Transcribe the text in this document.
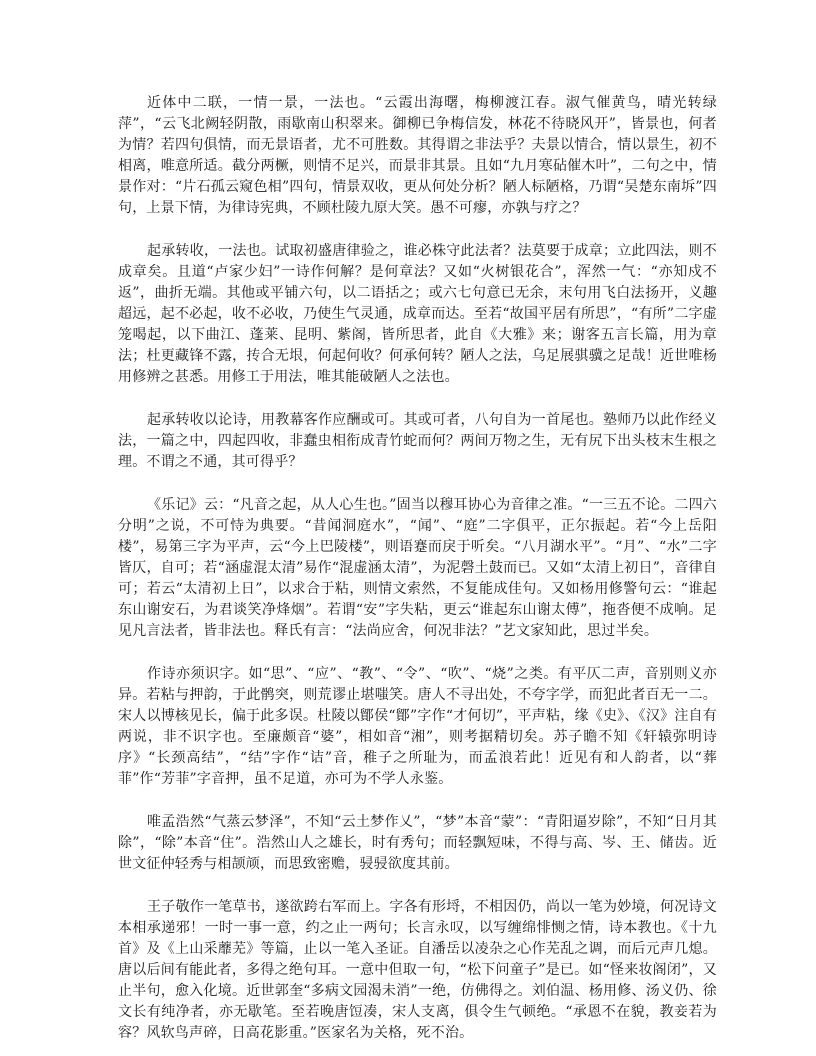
近体中二联，一情一景，一法也。“云霞出海曙，梅柳渡江春。淑气催黄鸟，晴光转绿萍”，“云飞北阙轻阴散，雨歇南山积翠来。御柳已争梅信发，林花不待晓风开”，皆景也，何者为情？若四句俱情，而无景语者，尤不可胜数。其得谓之非法乎？夫景以情合，情以景生，初不相离，唯意所适。截分两橛，则情不足兴，而景非其景。且如“九月寒砧催木叶”，二句之中，情景作对：“片石孤云窥色相”四句，情景双收，更从何处分析？陋人标陋格，乃谓“吴楚东南坼”四句，上景下情，为律诗宪典，不顾杜陵九原大笑。愚不可瘳，亦孰与疗之？

起承转收，一法也。试取初盛唐律验之，谁必株守此法者？法莫要于成章；立此四法，则不成章矣。且道“卢家少妇”一诗作何解？是何章法？又如“火树银花合”，浑然一气：“亦知戍不返”，曲折无端。其他或平铺六句，以二语括之；或六七句意已无余，末句用飞白法扬开，义趣超远，起不必起，收不必收，乃使生气灵通，成章而达。至若“故国平居有所思”，“有所”二字虚笼喝起，以下曲江、蓬莱、昆明、紫阁，皆所思者，此自《大雅》来；谢客五言长篇，用为章法；杜更藏锋不露，抟合无垠，何起何收？何承何转？陋人之法，乌足展骐骥之足哉！近世唯杨用修辨之甚悉。用修工于用法，唯其能破陋人之法也。

起承转收以论诗，用教幕客作应酬或可。其或可者，八句自为一首尾也。塾师乃以此作经义法，一篇之中，四起四收，非蠢虫相衔成青竹蛇而何？两间万物之生，无有尻下出头枝末生根之理。不谓之不通，其可得乎？

《乐记》云：“凡音之起，从人心生也。”固当以穆耳协心为音律之准。“一三五不论。二四六分明”之说，不可恃为典要。“昔闻洞庭水”，“闻”、“庭”二字俱平，正尔振起。若“今上岳阳楼”，易第三字为平声，云“今上巴陵楼”，则语蹇而戾于听矣。“八月湖水平”。“月”、“水”二字皆仄，自可；若“涵虚混太清”易作“混虚涵太清”，为泥磬土鼓而已。又如“太清上初日”，音律自可；若云“太清初上日”，以求合于粘，则情文索然，不复能成佳句。又如杨用修警句云：“谁起东山谢安石，为君谈笑净烽烟”。若谓“安”字失粘，更云“谁起东山谢太傅”，拖沓便不成响。足见凡言法者，皆非法也。释氏有言：“法尚应舍，何况非法？”艺文家知此，思过半矣。

作诗亦须识字。如“思”、“应”、“教”、“令”、“吹”、“烧”之类。有平仄二声，音别则义亦异。若粘与押韵，于此鹘突，则荒谬止堪嗤笑。唐人不寻出处，不夸字学，而犯此者百无一二。宋人以博核见长，偏于此多误。杜陵以鄮侯“鄮”字作“才何切”，平声粘，缘《史》、《汉》注自有两说，非不识字也。至廉颇音“婆”，相如音“湘”，则考据精切矣。苏子瞻不知《轩辕弥明诗序》“长颈高结”，“结”字作“诘”音，稚子之所耻为，而孟浪若此！近见有和人韵者，以“葬菲”作“芳菲”字音押，虽不足道，亦可为不学人永鉴。

唯孟浩然“气蒸云梦泽”，不知“云土梦作乂”，“梦”本音“蒙”：“青阳逼岁除”，不知“日月其除”，“除”本音“住”。浩然山人之雄长，时有秀句；而轻飘短味，不得与高、岑、王、储齿。近世文征仲轻秀与相颉颃，而思致密赡，骎骎欲度其前。

王子敬作一笔草书，遂欲跨右军而上。字各有形埒，不相因仍，尚以一笔为妙境，何况诗文本相承递邪！一时一事一意，约之止一两句；长言永叹，以写缠绵悱恻之情，诗本教也。《十九首》及《上山采蘼芜》等篇，止以一笔入圣证。自潘岳以凌杂之心作芜乱之调，而后元声几熄。唐以后间有能此者，多得之绝句耳。一意中但取一句，“松下问童子”是已。如“怪来妆阁闭”，又止半句，愈入化境。近世郭奎“多病文园渴未消”一绝，仿佛得之。刘伯温、杨用修、汤义仍、徐文长有纯净者，亦无歇笔。至若晚唐饾凑，宋人支离，俱令生气顿绝。“承恩不在貌，教妾若为容？风软鸟声碎，日高花影重。”医家名为关格，死不治。
